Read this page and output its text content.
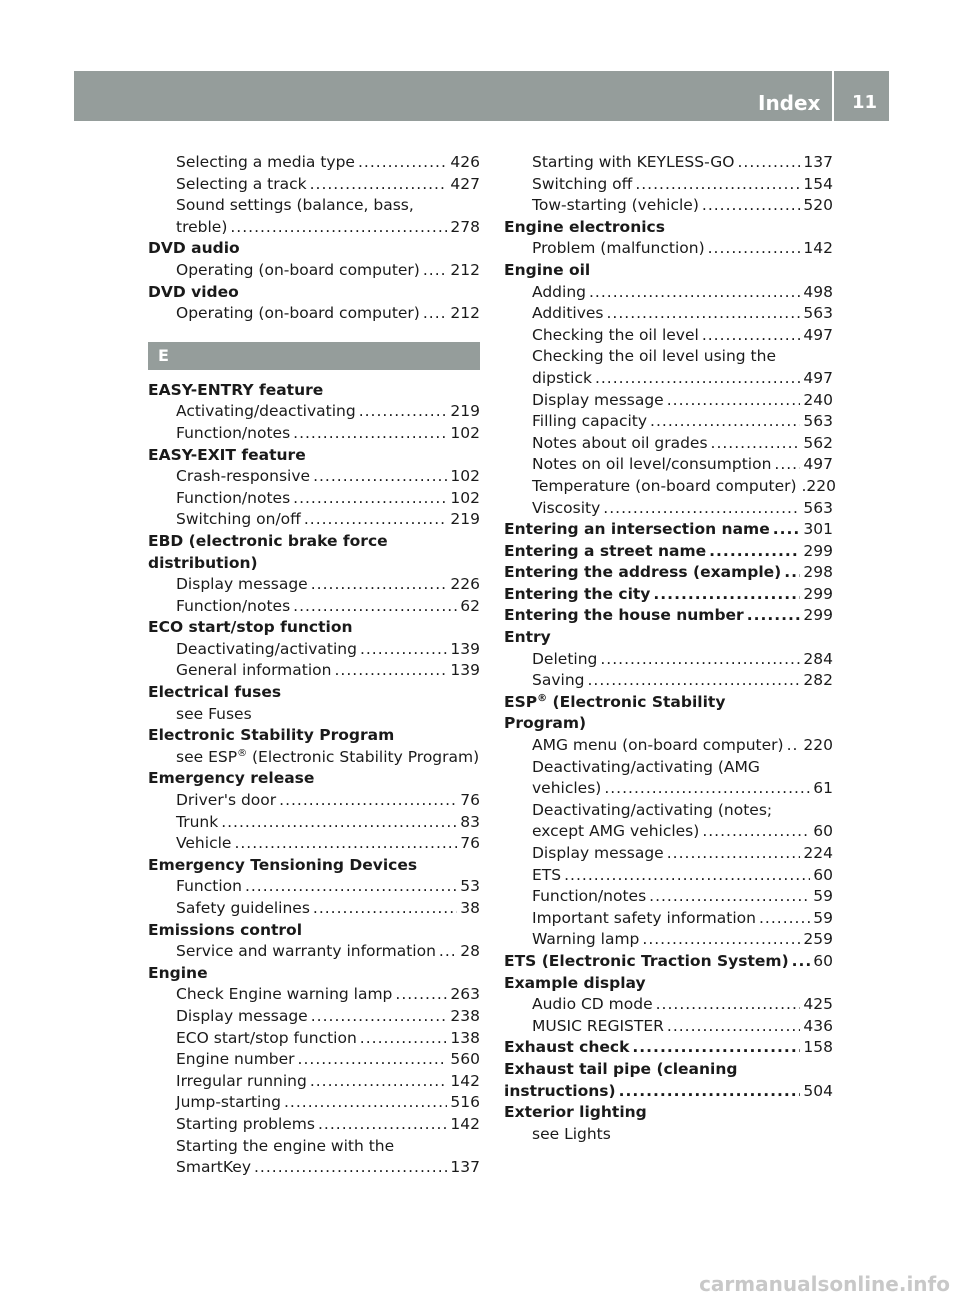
Index 11
Selecting a media type .....	426
Selecting a track .....	427
Sound settings (balance, bass,
treble) .....	278
DVD audio
Operating (on-board computer) ..... 212
DVD video
Operating (on-board computer) ..... 212
E
EASY-ENTRY feature
Activating/deactivating .....	219
Function/notes .....	102
EASY-EXIT feature
Crash-responsive .....	102
Function/notes .....	102
Switching on/off .....	219
EBD (electronic brake force
distribution)
Display message .....	226
Function/notes .....	62
ECO start/stop function
Deactivating/activating .....	139
General information .....	139
Electrical fuses
see Fuses
Electronic Stability Program
see ESP® (Electronic Stability Program)
Emergency release
Driver's door .....	76
Trunk .....	83
Vehicle .....	76
Emergency Tensioning Devices
Function .....	53
Safety guidelines .....	38
Emissions control
Service and warranty information ..... 28
Engine
Check Engine warning lamp .....	263
Display message .....	238
ECO start/stop function .....	138
Engine number .....	560
Irregular running .....	142
Jump-starting .....	516
Starting problems .....	142
Starting the engine with the
SmartKey .....	137
Starting with KEYLESS-GO .....	137
Switching off .....	154
Tow-starting (vehicle) .....	520
Engine electronics
Problem (malfunction) .....	142
Engine oil
Adding .....	498
Additives .....	563
Checking the oil level .....	497
Checking the oil level using the
dipstick .....	497
Display message .....	240
Filling capacity .....	563
Notes about oil grades .....	562
Notes on oil level/consumption ..... 497
Temperature (on-board computer) . 220
Viscosity .....	563
Entering an intersection name ..... 301
Entering a street name .....	299
Entering the address (example) ..... 298
Entering the city .....	299
Entering the house number .....	299
Entry
Deleting .....	284
Saving .....	282
ESP® (Electronic Stability
Program)
AMG menu (on-board computer) ..... 220
Deactivating/activating (AMG
vehicles) .....	61
Deactivating/activating (notes;
except AMG vehicles) .....	60
Display message .....	224
ETS .....	60
Function/notes .....	59
Important safety information .....	59
Warning lamp .....	259
ETS (Electronic Traction System) ..... 60
Example display
Audio CD mode .....	425
MUSIC REGISTER .....	436
Exhaust check .....	158
Exhaust tail pipe (cleaning
instructions) .....	504
Exterior lighting
see Lights
carmanualsonline.info
